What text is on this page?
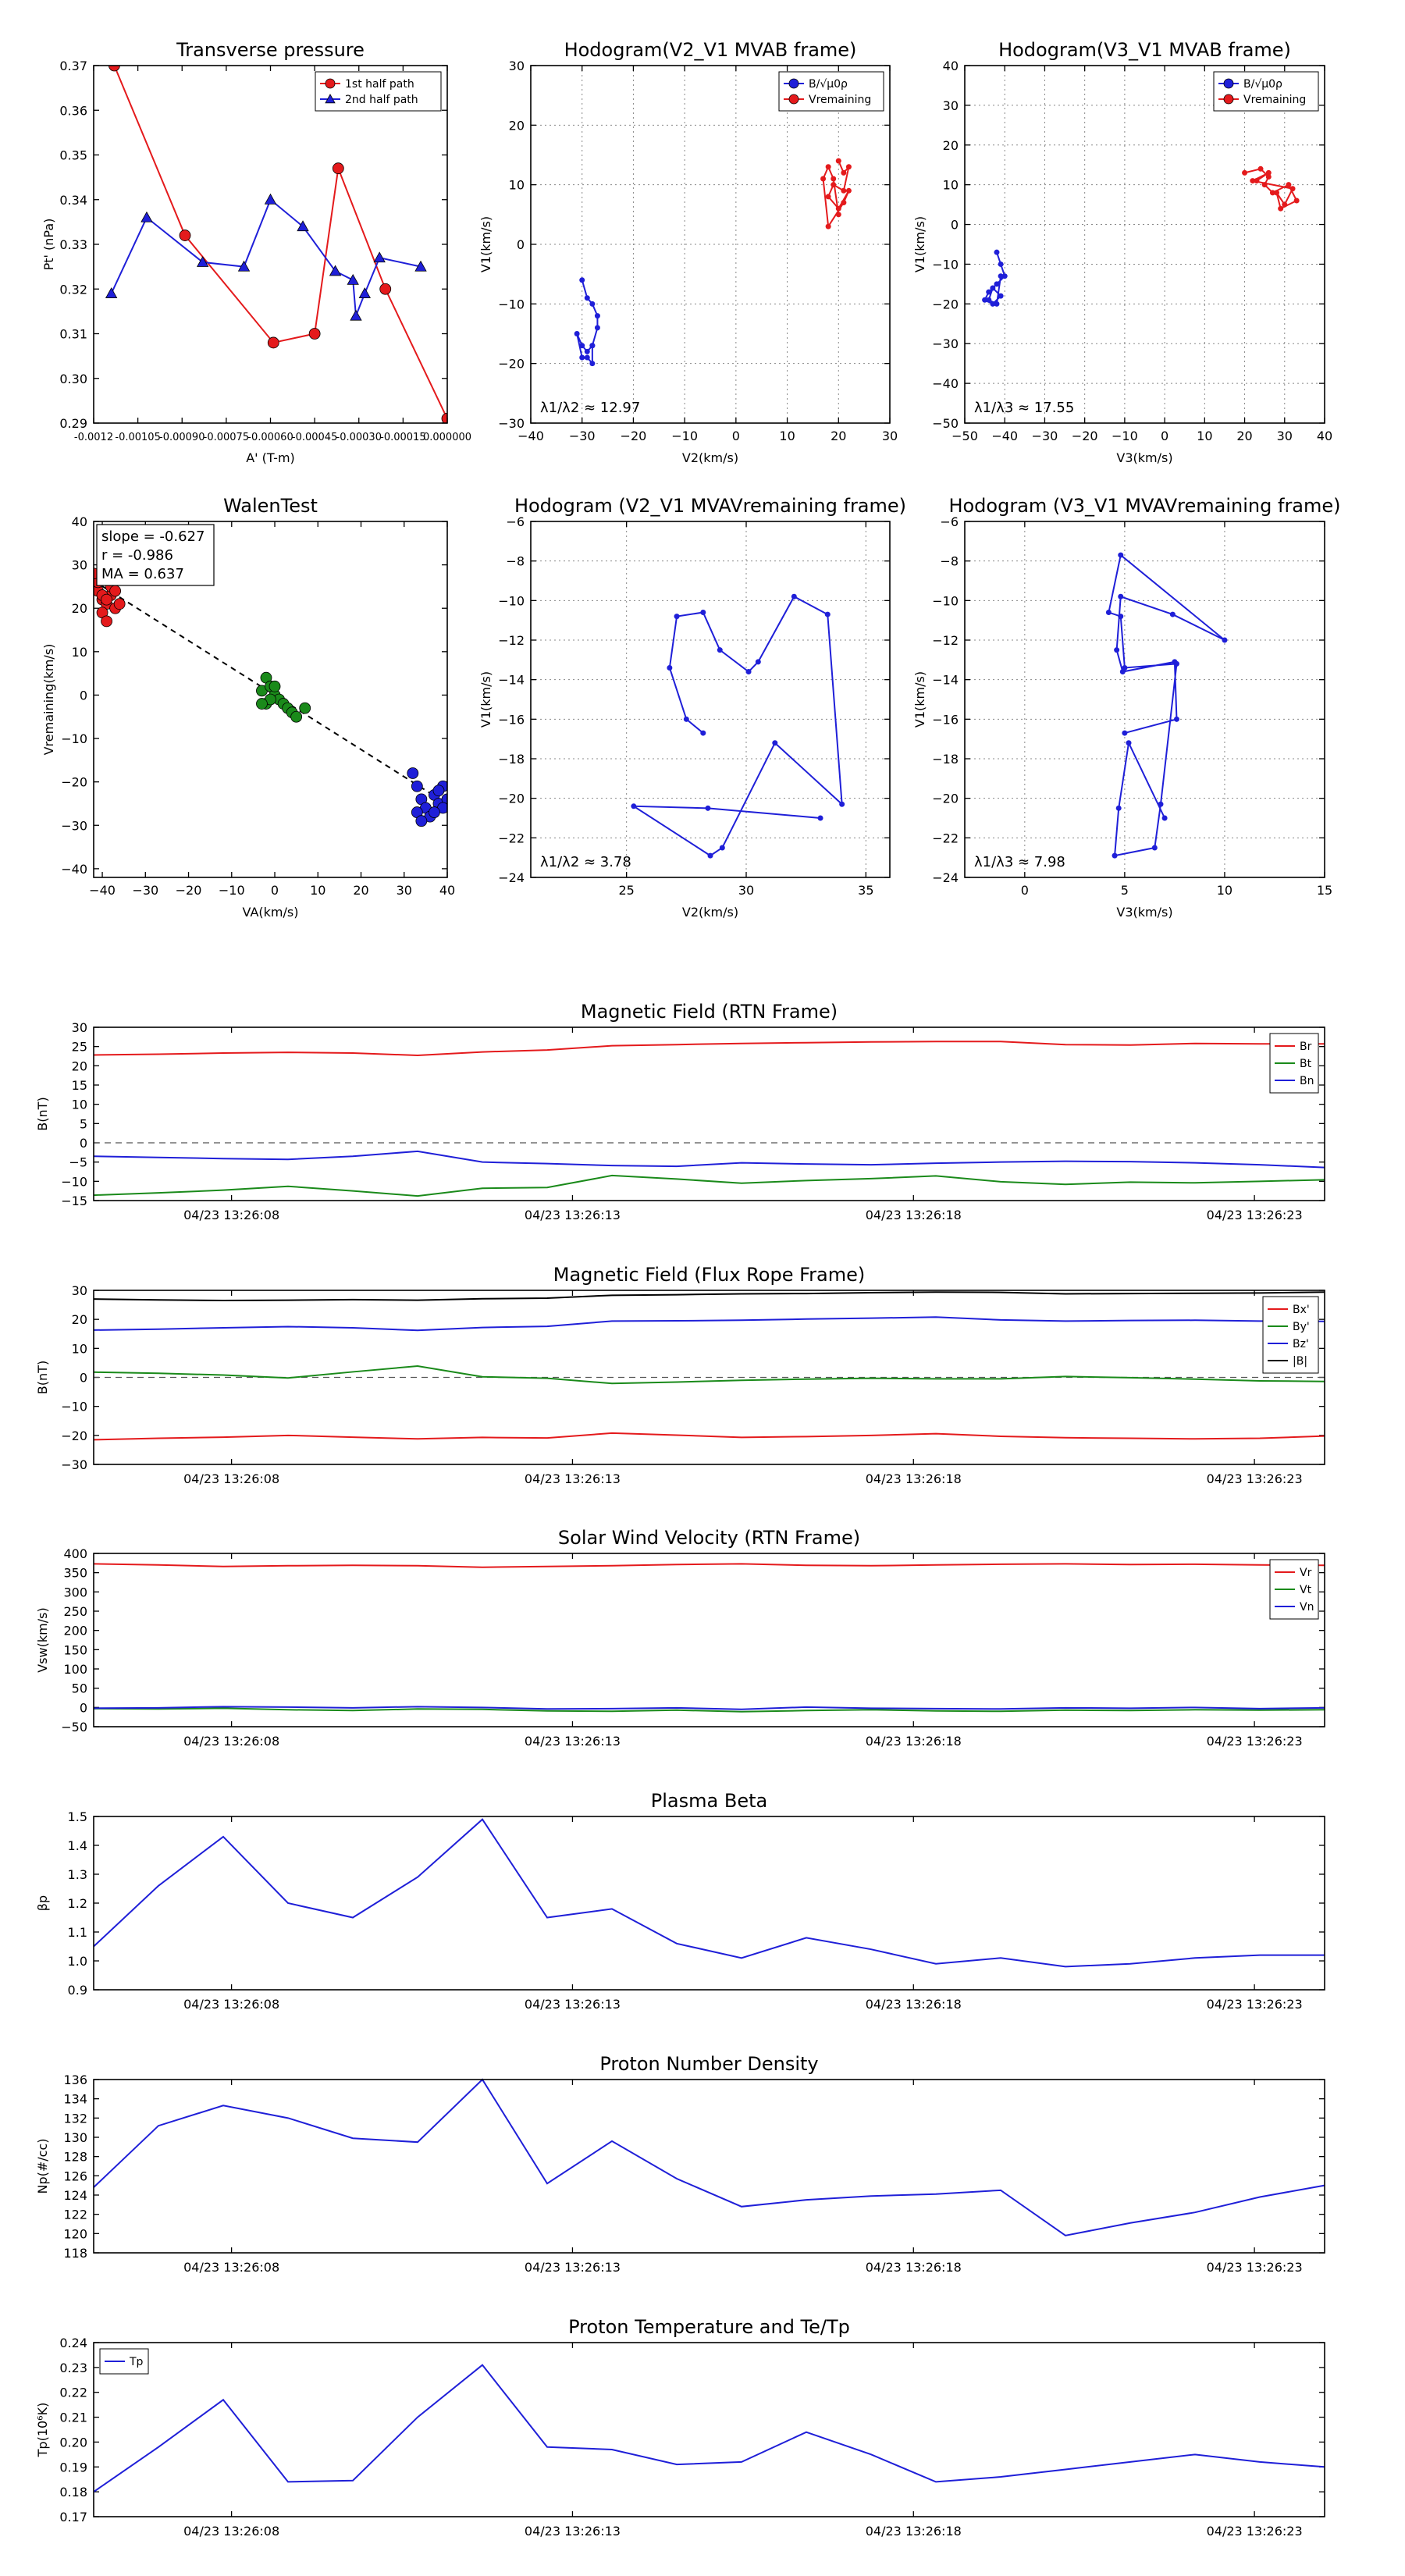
-0.0012 -0.00105
-0.00090
-0.00075
-0.00060
-0.00045
-0.00030
-0.00015
0.000000
0.29
0.30
0.31
0.32
0.33
0.34
0.35
0.36
0.37
Transverse pressure
A' (T-m)
Pt' (nPa)
1st half path
2nd half path
−40 −30 −20 −10	0	10	20	30
−30
−20
−10
0
10
20
30
Hodogram(V2_V1 MVAB frame)
V2(km/s)
V1(km/s)
λ1/λ2 ≈ 12.97
B/√μ0ρ
Vremaining
−50 −40 −30 −20 −10 0 10 20 30 40
−50
−40
−30
−20
−10
0
10
20
30
40
Hodogram(V3_V1 MVAB frame)
V3(km/s)
V1(km/s)
λ1/λ3 ≈ 17.55
B/√μ0ρ
Vremaining
−40 −30 −20 −10 0 10 20 30 40
−40
−30
−20
−10
0
10
20
30
40
WalenTest
VA(km/s)
Vremaining(km/s)
slope = -0.627
r = -0.986
MA = 0.637
25	30	35
−24
−22
−20
−18
−16
−14
−12
−10
−8
−6
Hodogram (V2_V1 MVAVremaining frame)
V2(km/s)
V1(km/s)
λ1/λ2 ≈ 3.78
0	5	10	15
−24
−22
−20
−18
−16
−14
−12
−10
−8
−6
Hodogram (V3_V1 MVAVremaining frame)
V3(km/s)
V1(km/s)
λ1/λ3 ≈ 7.98
−15
−10
−5
0
5
10
15
20
25
30
04/23 13:26:08	04/23 13:26:13	04/23 13:26:18	04/23 13:26:23
Magnetic Field (RTN Frame)
B(nT)
Br
Bt
Bn
−30
−20
−10
0
10
20
30
04/23 13:26:08	04/23 13:26:13	04/23 13:26:18	04/23 13:26:23
Magnetic Field (Flux Rope Frame)
B(nT)
Bx'
By'
Bz'
|B|
−50
0
50
100
150
200
250
300
350
400
04/23 13:26:08	04/23 13:26:13	04/23 13:26:18	04/23 13:26:23
Solar Wind Velocity (RTN Frame)
Vsw(km/s)
Vr
Vt
Vn
0.9
1.0
1.1
1.2
1.3
1.4
1.5
04/23 13:26:08	04/23 13:26:13	04/23 13:26:18	04/23 13:26:23
Plasma Beta
βp
118
120
122
124
126
128
130
132
134
136
04/23 13:26:08	04/23 13:26:13	04/23 13:26:18	04/23 13:26:23
Proton Number Density
Np(#/cc)
0.17
0.18
0.19
0.20
0.21
0.22
0.23
0.24
04/23 13:26:08	04/23 13:26:13	04/23 13:26:18	04/23 13:26:23
Proton Temperature and Te/Tp
Tp(10⁶K)
Tp
